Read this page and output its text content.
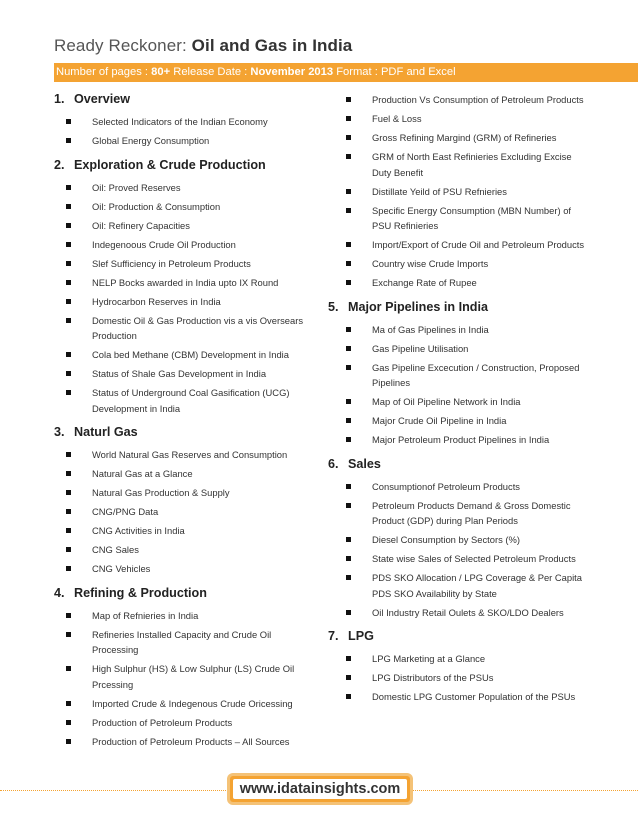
Ready Reckoner: Oil and Gas in India
Number of pages : 80+ Release Date : November 2013 Format : PDF and Excel
1. Overview
Selected Indicators of the Indian Economy
Global Energy Consumption
2. Exploration & Crude Production
Oil: Proved Reserves
Oil: Production & Consumption
Oil: Refinery Capacities
Indegenoous Crude Oil Production
Slef Sufficiency in Petroleum Products
NELP Bocks awarded in India upto IX Round
Hydrocarbon Reserves in India
Domestic Oil & Gas Production vis a vis Oversears Production
Cola bed Methane (CBM) Development in India
Status of Shale Gas Development in India
Status of Underground Coal Gasification (UCG) Development in India
3. Naturl Gas
World Natural Gas Reserves and Consumption
Natural Gas at a Glance
Natural Gas Production & Supply
CNG/PNG Data
CNG Activities in India
CNG Sales
CNG Vehicles
4. Refining & Production
Map of Refnieries in India
Refineries Installed Capacity and Crude Oil Processing
High Sulphur (HS) & Low Sulphur (LS) Crude Oil Prcessing
Imported Crude & Indegenous Crude Oricessing
Production of Petroleum Products
Production of Petroleum Products – All Sources
Production Vs Consumption of Petroleum Products
Fuel & Loss
Gross Refining Margind (GRM) of Refineries
GRM of North East Refinieries Excluding Excise Duty Benefit
Distillate Yeild of PSU Refnieries
Specific Energy Consumption (MBN Number) of PSU Refinieries
Import/Export of Crude Oil and Petroleum Products
Country wise Crude Imports
Exchange Rate of Rupee
5. Major Pipelines in India
Ma of Gas Pipelines in India
Gas Pipeline Utilisation
Gas Pipeline Excecution / Construction, Proposed Pipelines
Map of Oil Pipeline Network in India
Major Crude Oil Pipeline in India
Major Petroleum Product Pipelines in India
6. Sales
Consumptionof Petroleum Products
Petroleum Products Demand & Gross Domestic Product (GDP) during Plan Periods
Diesel Consumption by Sectors (%)
State wise Sales of Selected Petroleum Products
PDS SKO Allocation / LPG Coverage & Per Capita PDS SKO Availability by State
Oil Industry Retail Oulets & SKO/LDO Dealers
7. LPG
LPG Marketing at a Glance
LPG Distributors of the PSUs
Domestic LPG Customer Population of the PSUs
www.idatainsights.com
